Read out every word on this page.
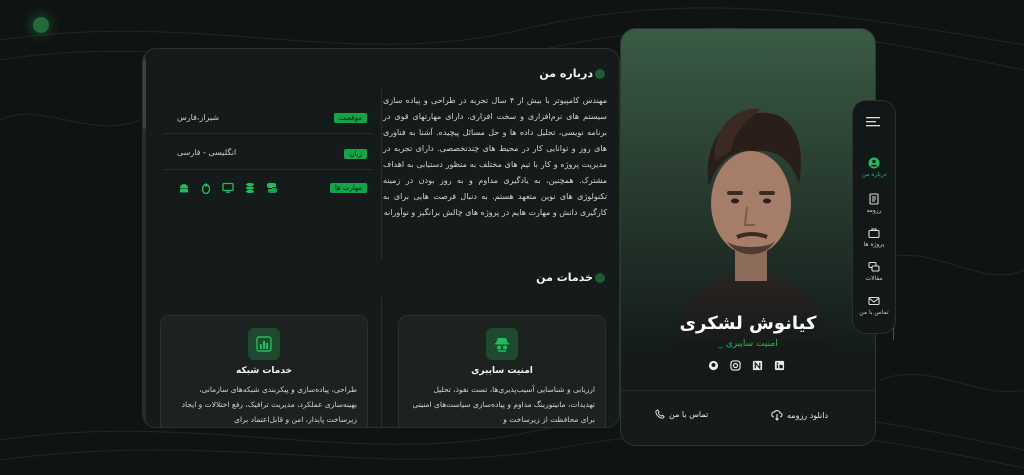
درباره من
مهندس کامپیوتر با بیش از ۴ سال تجربه در طراحی و پیاده سازی سیستم های نرم‌افزاری و سخت افزاری. دارای مهارتهای قوی در برنامه نویسی، تحلیل داده ها و حل مسائل پیچیده. آشنا به فناوری های روز و توانایی کار در محیط های چندتخصصی. دارای تجربه در مدیریت پروژه و کار با تیم های مختلف به منظور دستیابی به اهداف مشترک. همچنین، به یادگیری مداوم و به روز بودن در زمینه تکنولوژی های نوین متعهد هستم. به دنبال فرصت هایی برای به کارگیری دانش و مهارت هایم در پروژه های چالش برانگیز و نوآورانه
موقعیت
شیراز،فارس
زبان
انگلیسی - فارسی
مهارت ها
خدمات من
امنیت سایبری
ارزیابی و شناسایی آسیب‌پذیری‌ها، تست نفوذ، تحلیل تهدیدات، مانیتورینگ مداوم و پیاده‌سازی سیاست‌های امنیتی برای محافظت از زیرساخت و
خدمات شبکه
طراحی، پیاده‌سازی و پیکربندی شبکه‌های سازمانی، بهینه‌سازی عملکرد، مدیریت ترافیک، رفع اختلالات و ایجاد زیرساخت پایدار، امن و قابل‌اعتماد برای
کیانوش لشکری
امنیت سایبری _
دانلود رزومه
تماس با من
درباره من
رزومه
پروژه ها
مقالات
تماس با من
